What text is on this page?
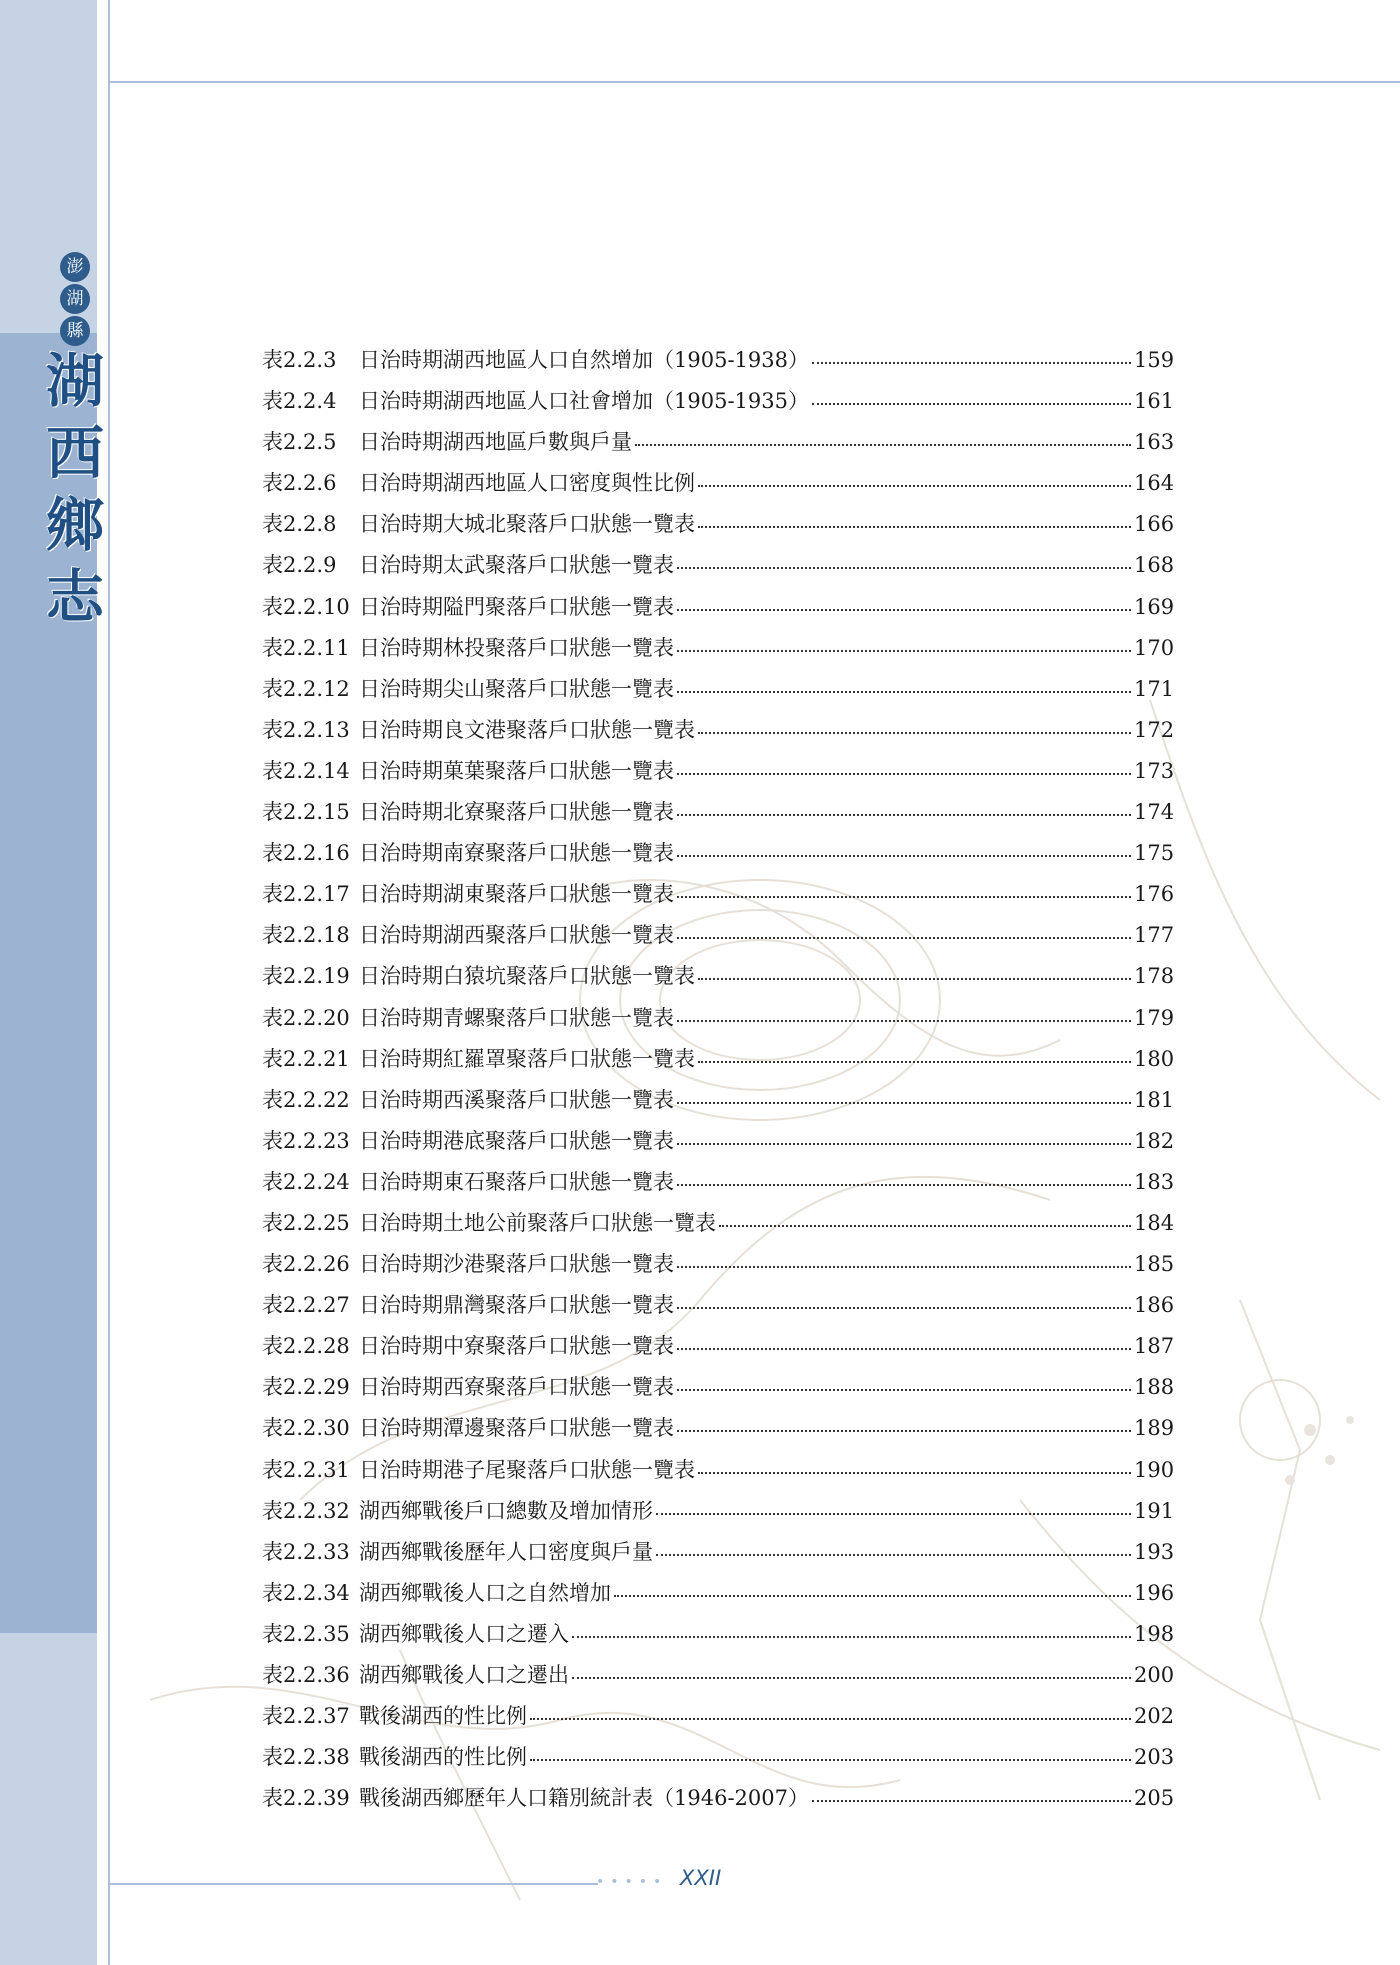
澎
湖
縣
湖
西
鄉
志
表2.2.3	日治時期湖西地區人口自然增加（1905-1938）	159
表2.2.4	日治時期湖西地區人口社會增加（1905-1935）	161
表2.2.5	日治時期湖西地區戶數與戶量	163
表2.2.6	日治時期湖西地區人口密度與性比例	164
表2.2.8	日治時期大城北聚落戶口狀態一覽表	166
表2.2.9	日治時期太武聚落戶口狀態一覽表	168
表2.2.10 日治時期隘門聚落戶口狀態一覽表	169
表2.2.11 日治時期林投聚落戶口狀態一覽表	170
表2.2.12 日治時期尖山聚落戶口狀態一覽表	171
表2.2.13 日治時期良文港聚落戶口狀態一覽表	172
表2.2.14 日治時期菓葉聚落戶口狀態一覽表	173
表2.2.15 日治時期北寮聚落戶口狀態一覽表	174
表2.2.16 日治時期南寮聚落戶口狀態一覽表	175
表2.2.17 日治時期湖東聚落戶口狀態一覽表	176
表2.2.18 日治時期湖西聚落戶口狀態一覽表	177
表2.2.19 日治時期白猿坑聚落戶口狀態一覽表	178
表2.2.20 日治時期青螺聚落戶口狀態一覽表	179
表2.2.21 日治時期紅羅罩聚落戶口狀態一覽表	180
表2.2.22 日治時期西溪聚落戶口狀態一覽表	181
表2.2.23 日治時期港底聚落戶口狀態一覽表	182
表2.2.24 日治時期東石聚落戶口狀態一覽表	183
表2.2.25 日治時期土地公前聚落戶口狀態一覽表	184
表2.2.26 日治時期沙港聚落戶口狀態一覽表	185
表2.2.27 日治時期鼎灣聚落戶口狀態一覽表	186
表2.2.28 日治時期中寮聚落戶口狀態一覽表	187
表2.2.29 日治時期西寮聚落戶口狀態一覽表	188
表2.2.30 日治時期潭邊聚落戶口狀態一覽表	189
表2.2.31 日治時期港子尾聚落戶口狀態一覽表	190
表2.2.32 湖西鄉戰後戶口總數及增加情形	191
表2.2.33 湖西鄉戰後歷年人口密度與戶量	193
表2.2.34 湖西鄉戰後人口之自然增加	196
表2.2.35 湖西鄉戰後人口之遷入	198
表2.2.36 湖西鄉戰後人口之遷出	200
表2.2.37 戰後湖西的性比例	202
表2.2.38 戰後湖西的性比例	203
表2.2.39 戰後湖西鄉歷年人口籍別統計表（1946-2007）	205
••••• XXII
